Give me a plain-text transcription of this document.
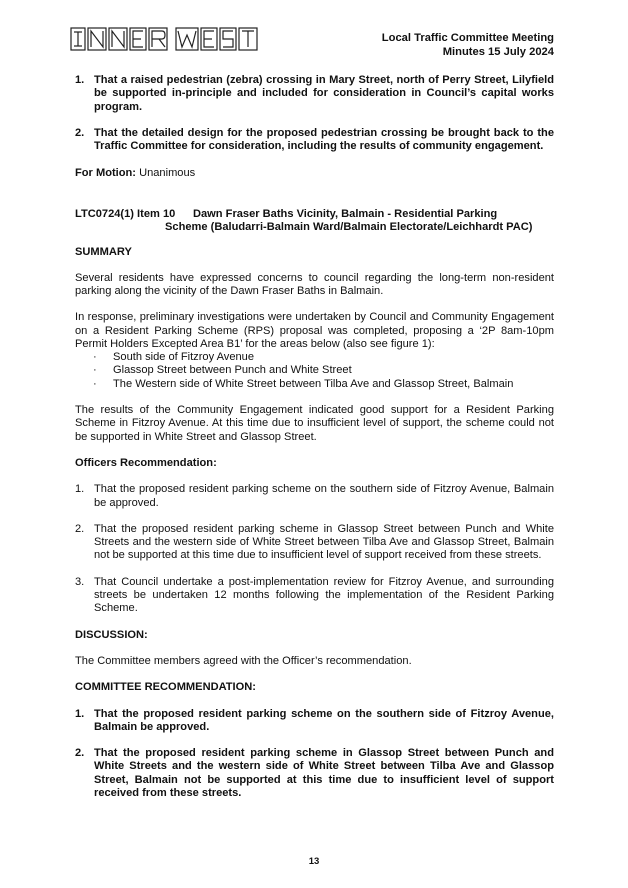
Local Traffic Committee Meeting
Minutes 15 July 2024
1. That a raised pedestrian (zebra) crossing in Mary Street, north of Perry Street, Lilyfield be supported in-principle and included for consideration in Council’s capital works program.
2. That the detailed design for the proposed pedestrian crossing be brought back to the Traffic Committee for consideration, including the results of community engagement.

For Motion: Unanimous

LTC0724(1) Item 10	Dawn Fraser Baths Vicinity, Balmain - Residential Parking
Scheme (Baludarri-Balmain Ward/Balmain Electorate/Leichhardt PAC)

SUMMARY

Several residents have expressed concerns to council regarding the long-term non-resident parking along the vicinity of the Dawn Fraser Baths in Balmain.

In response, preliminary investigations were undertaken by Council and Community Engagement on a Resident Parking Scheme (RPS) proposal was completed, proposing a ‘2P 8am-10pm Permit Holders Excepted Area B1’ for the areas below (also see figure 1):

· South side of Fitzroy Avenue
· Glassop Street between Punch and White Street
· The Western side of White Street between Tilba Ave and Glassop Street, Balmain

The results of the Community Engagement indicated good support for a Resident Parking Scheme in Fitzroy Avenue. At this time due to insufficient level of support, the scheme could not be supported in White Street and Glassop Street.

Officers Recommendation:

1. That the proposed resident parking scheme on the southern side of Fitzroy Avenue, Balmain be approved.
2. That the proposed resident parking scheme in Glassop Street between Punch and White Streets and the western side of White Street between Tilba Ave and Glassop Street, Balmain not be supported at this time due to insufficient level of support received from these streets.
3. That Council undertake a post-implementation review for Fitzroy Avenue, and surrounding streets be undertaken 12 months following the implementation of the Resident Parking Scheme.

DISCUSSION:

The Committee members agreed with the Officer’s recommendation.

COMMITTEE RECOMMENDATION:

1. That the proposed resident parking scheme on the southern side of Fitzroy Avenue, Balmain be approved.
2. That the proposed resident parking scheme in Glassop Street between Punch and White Streets and the western side of White Street between Tilba Ave and Glassop Street, Balmain not be supported at this time due to insufficient level of support received from these streets.
13
